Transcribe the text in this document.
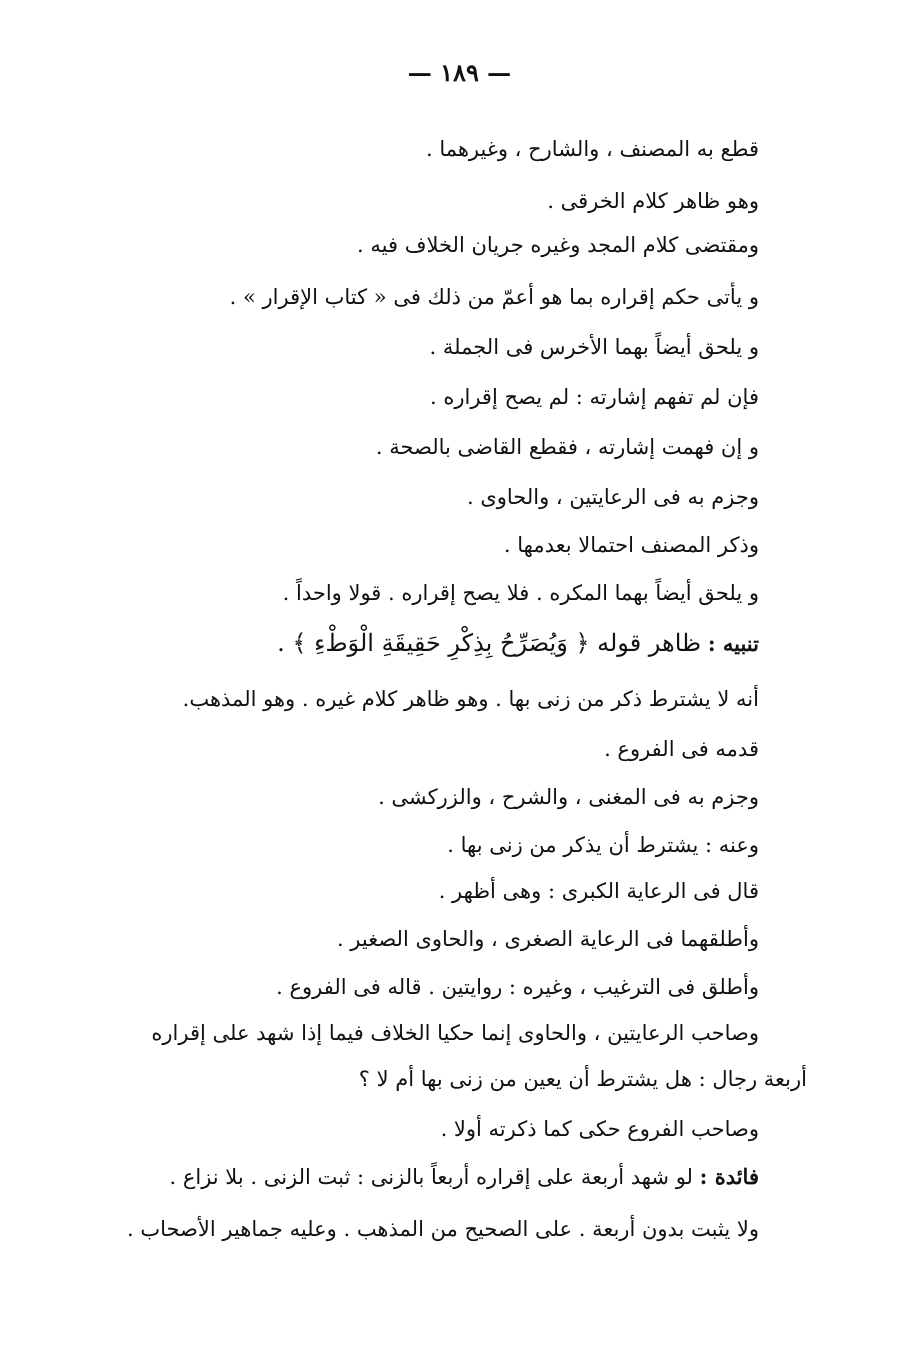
— ١٨٩ —
قطع به المصنف ، والشارح ، وغيرهما .
وهو ظاهر كلام الخرقى .
ومقتضى كلام المجد وغيره جريان الخلاف فيه .
و يأتى حكم إقراره بما هو أعمّ من ذلك فى « كتاب الإقرار » .
و يلحق أيضاً بهما الأخرس فى الجملة .
فإن لم تفهم إشارته : لم يصح إقراره .
و إن فهمت إشارته ، فقطع القاضى بالصحة .
وجزم به فى الرعايتين ، والحاوى .
وذكر المصنف احتمالا بعدمها .
و يلحق أيضاً بهما المكره . فلا يصح إقراره . قولا واحداً .
تنبيه : ظاهر قوله ﴿ وَيُصَرِّحُ بِذِكْرِ حَقِيقَةِ الْوَطْءِ ﴾ .
أنه لا يشترط ذكر من زنى بها . وهو ظاهر كلام غيره . وهو المذهب.
قدمه فى الفروع .
وجزم به فى المغنى ، والشرح ، والزركشى .
وعنه : يشترط أن يذكر من زنى بها .
قال فى الرعاية الكبرى : وهى أظهر .
وأطلقهما فى الرعاية الصغرى ، والحاوى الصغير .
وأطلق فى الترغيب ، وغيره : روايتين . قاله فى الفروع .
وصاحب الرعايتين ، والحاوى إنما حكيا الخلاف فيما إذا شهد على إقراره
أربعة رجال : هل يشترط أن يعين من زنى بها أم لا ؟
وصاحب الفروع حكى كما ذكرته أولا .
فائدة : لو شهد أربعة على إقراره أربعاً بالزنى : ثبت الزنى . بلا نزاع .
ولا يثبت بدون أربعة . على الصحيح من المذهب . وعليه جماهير الأصحاب .
